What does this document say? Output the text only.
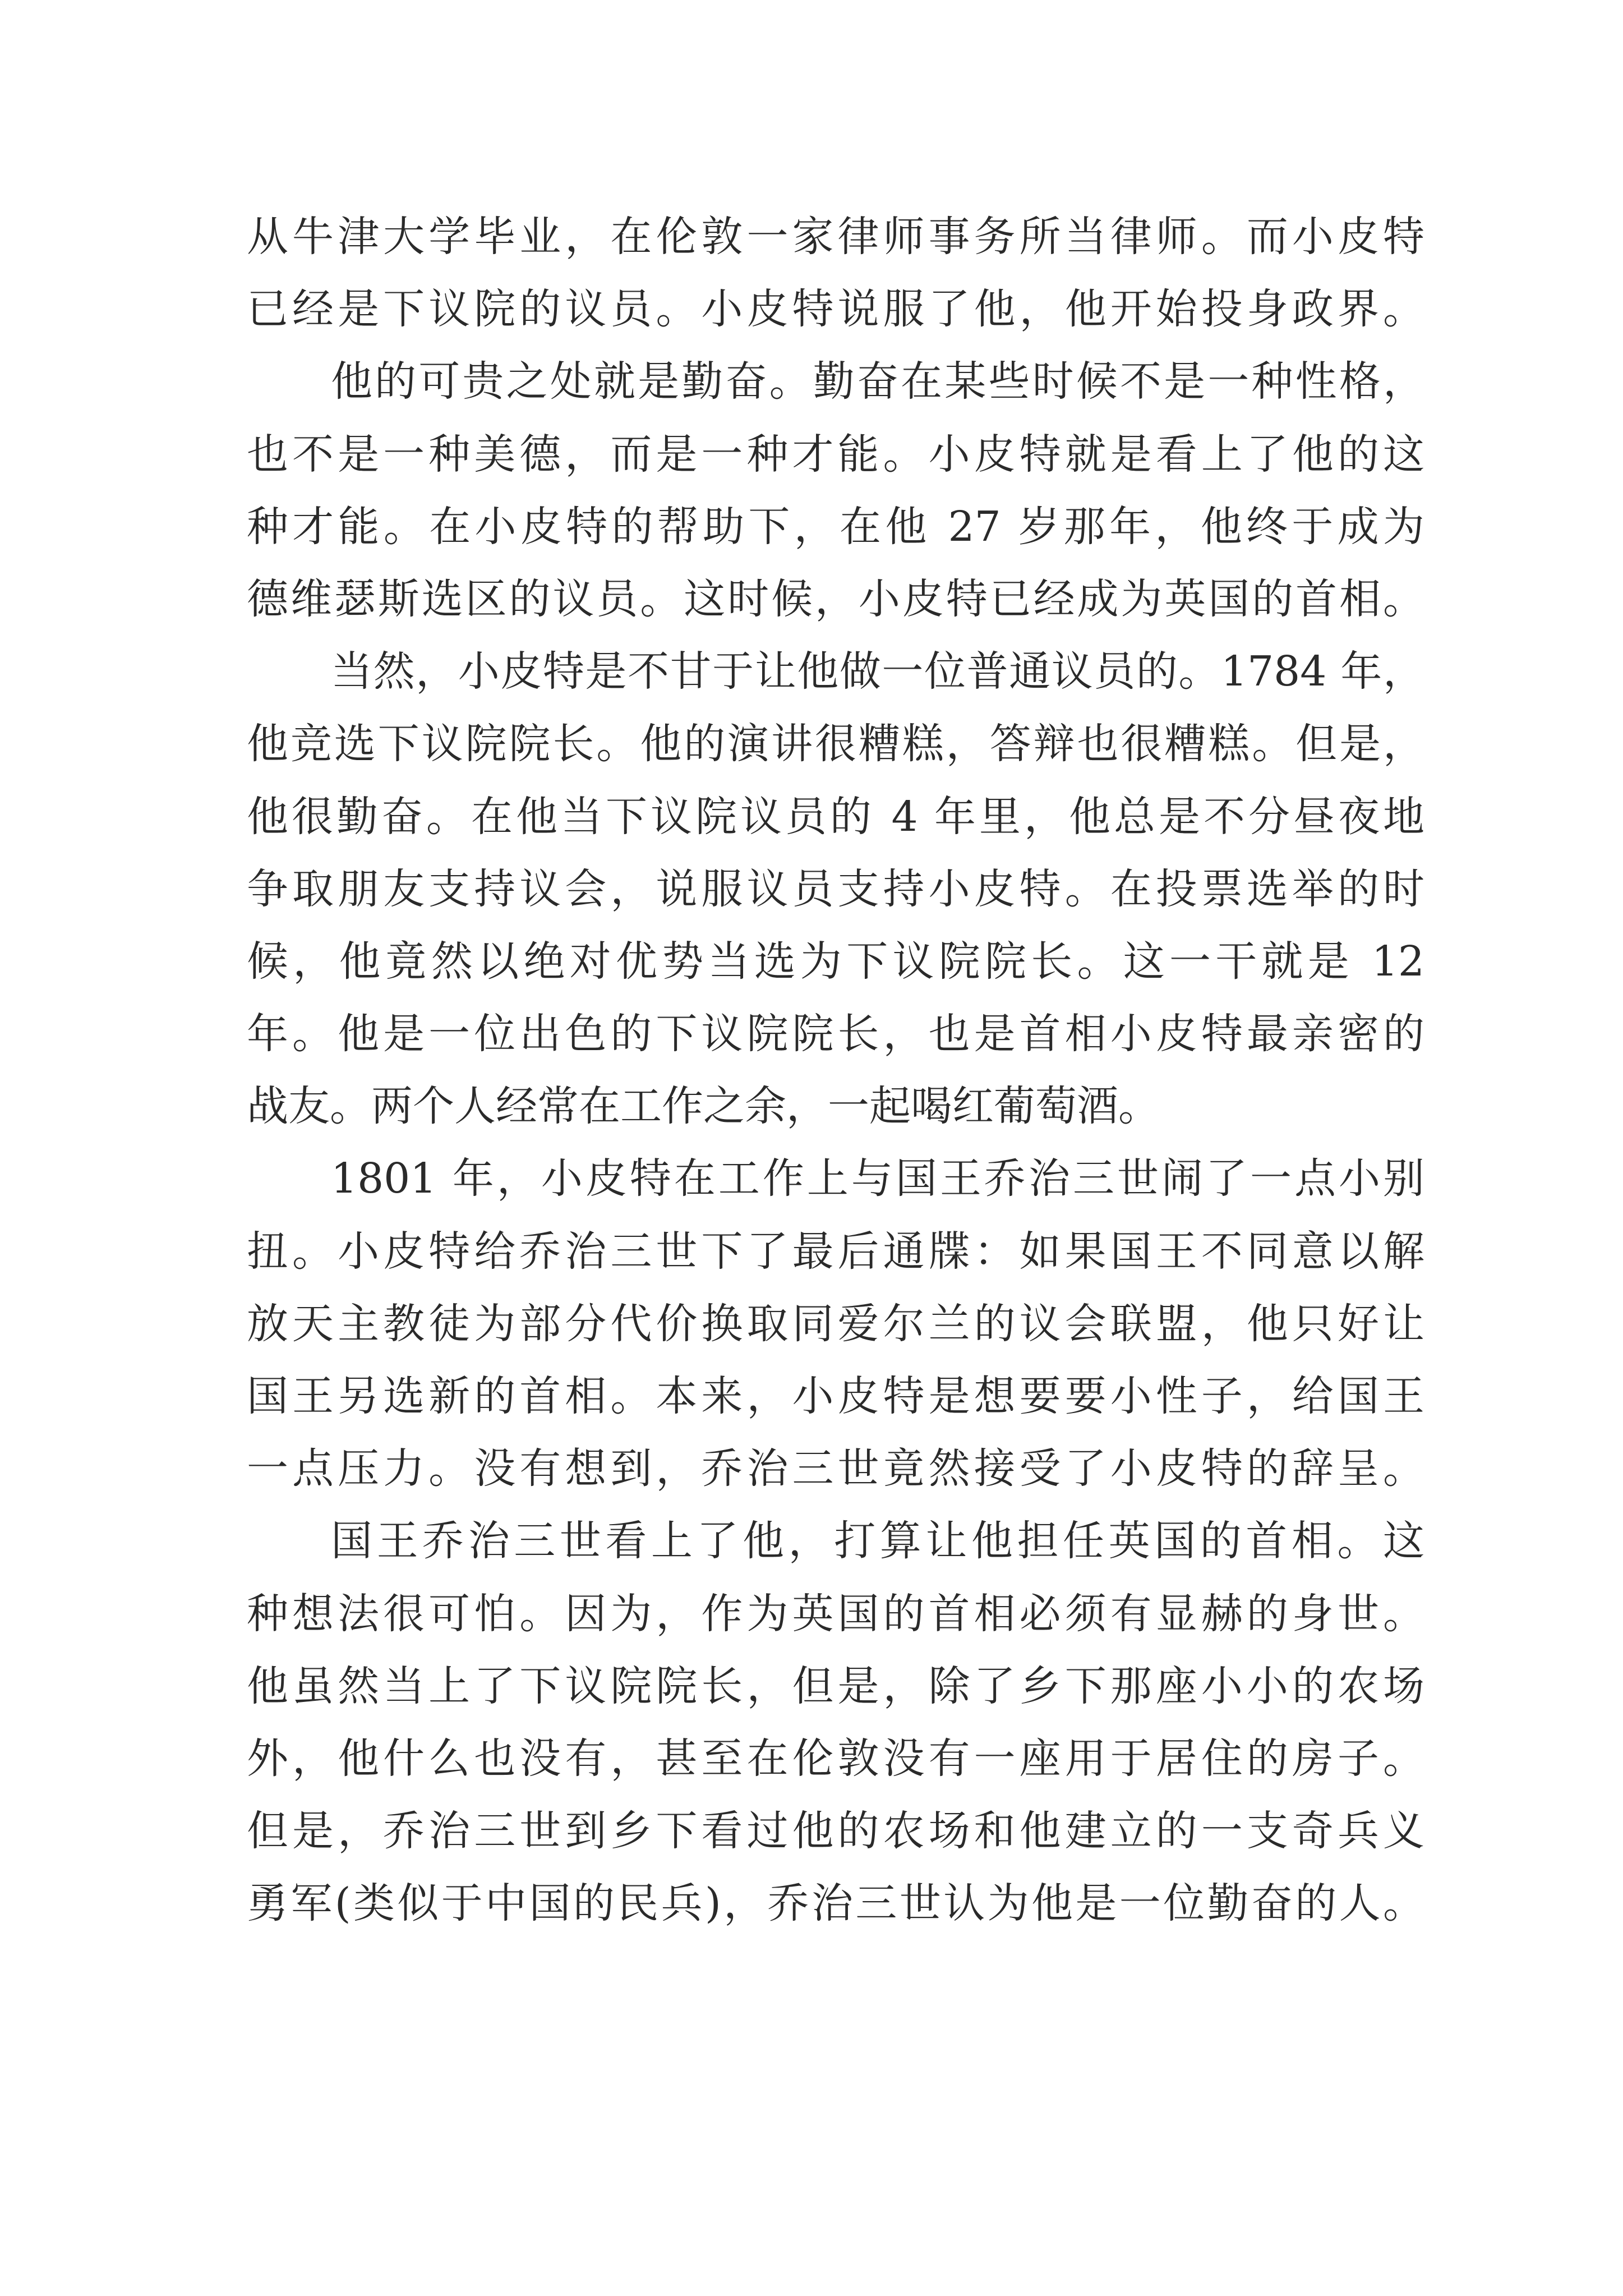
从牛津大学毕业，在伦敦一家律师事务所当律师。而小皮特
已经是下议院的议员。小皮特说服了他，他开始投身政界。
他的可贵之处就是勤奋。勤奋在某些时候不是一种性格，
也不是一种美德，而是一种才能。小皮特就是看上了他的这
种才能。在小皮特的帮助下，在他 27 岁那年，他终于成为
德维瑟斯选区的议员。这时候，小皮特已经成为英国的首相。
当然，小皮特是不甘于让他做一位普通议员的。1784 年，
他竞选下议院院长。他的演讲很糟糕，答辩也很糟糕。但是，
他很勤奋。在他当下议院议员的 4 年里，他总是不分昼夜地
争取朋友支持议会，说服议员支持小皮特。在投票选举的时
候，他竟然以绝对优势当选为下议院院长。这一干就是 12
年。他是一位出色的下议院院长，也是首相小皮特最亲密的
战友。两个人经常在工作之余，一起喝红葡萄酒。
1801 年，小皮特在工作上与国王乔治三世闹了一点小别
扭。小皮特给乔治三世下了最后通牒：如果国王不同意以解
放天主教徒为部分代价换取同爱尔兰的议会联盟，他只好让
国王另选新的首相。本来，小皮特是想要要小性子，给国王
一点压力。没有想到，乔治三世竟然接受了小皮特的辞呈。
国王乔治三世看上了他，打算让他担任英国的首相。这
种想法很可怕。因为，作为英国的首相必须有显赫的身世。
他虽然当上了下议院院长，但是，除了乡下那座小小的农场
外，他什么也没有，甚至在伦敦没有一座用于居住的房子。
但是，乔治三世到乡下看过他的农场和他建立的一支奇兵义
勇军(类似于中国的民兵)，乔治三世认为他是一位勤奋的人。
